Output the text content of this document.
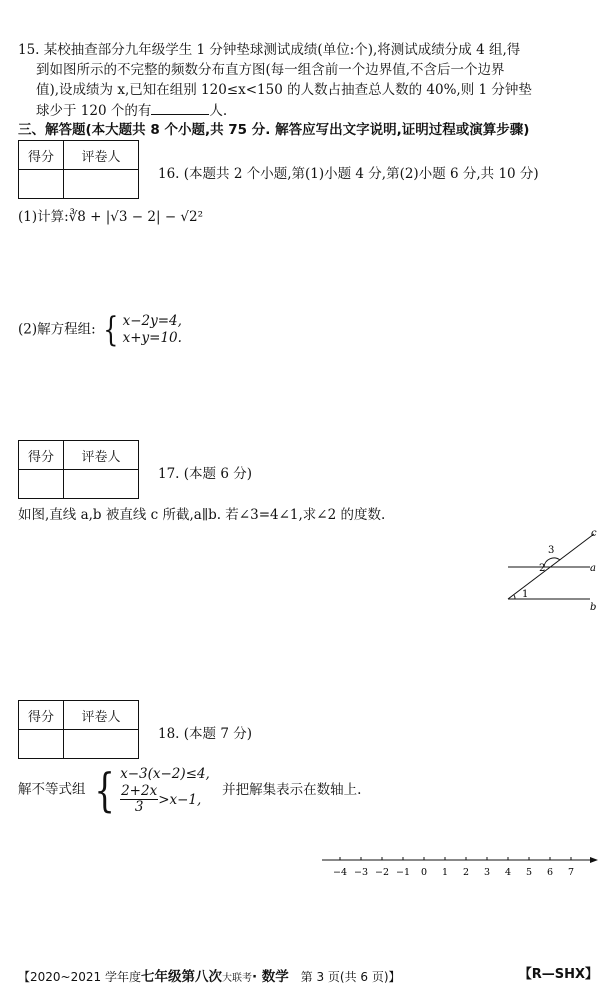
15. 某校抽查部分九年级学生 1 分钟垫球测试成绩(单位:个),将测试成绩分成 4 组,得
到如图所示的不完整的频数分布直方图(每一组含前一个边界值,不含后一个边界
值),设成绩为 x,已知在组别 120≤x<150 的人数占抽查总人数的 40%,则 1 分钟垫
球少于 120 个的有	人.
三、解答题(本大题共 8 个小题,共 75 分. 解答应写出文字说明,证明过程或演算步骤)
得分	评卷人

16. (本题共 2 个小题,第(1)小题 4 分,第(2)小题 6 分,共 10 分)
(1)计算:∛8 + |√3 − 2| − √2²
(2)解方程组: { x−2y=4,
x+y=10.
得分	评卷人

17. (本题 6 分)
如图,直线 a,b 被直线 c 所截,a∥b. 若∠3=4∠1,求∠2 的度数.
c
a
b
3
2
1
得分	评卷人

18. (本题 7 分)
解不等式组 { x−3(x−2)≤4,
$\frac{2+2x}{3} >x-1$,
并把解集表示在数轴上.
−4 −3 −2 −1 0 1 2 3 4 5 6 7
【2020~2021 学年度七年级第八次大联考· 数学 第 3 页(共 6 页)】	【R—SHX】
